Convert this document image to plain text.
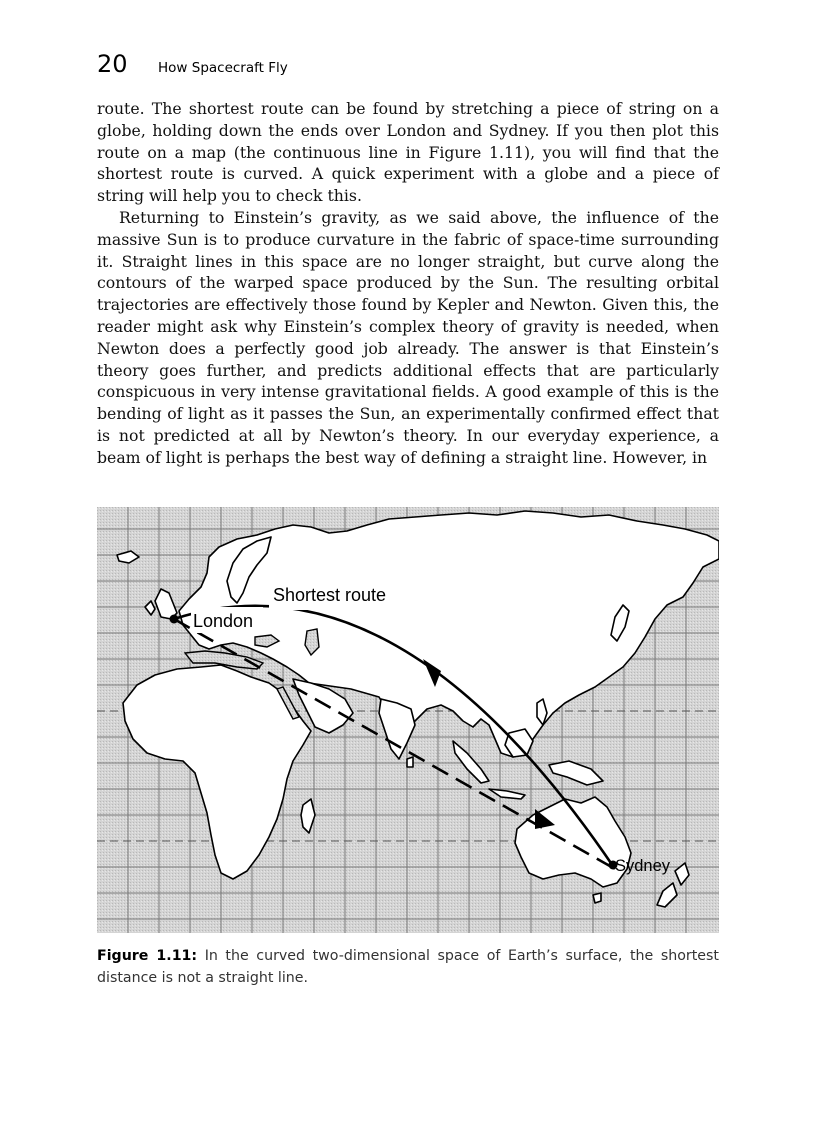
20 How Spacecraft Fly

route. The shortest route can be found by stretching a piece of string on a globe, holding down the ends over London and Sydney. If you then plot this route on a map (the continuous line in Figure 1.11), you will find that the shortest route is curved. A quick experiment with a globe and a piece of string will help you to check this.

Returning to Einstein’s gravity, as we said above, the influence of the massive Sun is to produce curvature in the fabric of space-time surrounding it. Straight lines in this space are no longer straight, but curve along the contours of the warped space produced by the Sun. The resulting orbital trajectories are effectively those found by Kepler and Newton. Given this, the reader might ask why Einstein’s complex theory of gravity is needed, when Newton does a perfectly good job already. The answer is that Einstein’s theory goes further, and predicts additional effects that are particularly conspicuous in very intense gravitational fields. A good example of this is the bending of light as it passes the Sun, an experimentally confirmed effect that is not predicted at all by Newton’s theory. In our everyday experience, a beam of light is perhaps the best way of defining a straight line. However, in

Shortest route
London
Sydney
Figure 1.11: In the curved two-dimensional space of Earth’s surface, the shortest distance is not a straight line.
